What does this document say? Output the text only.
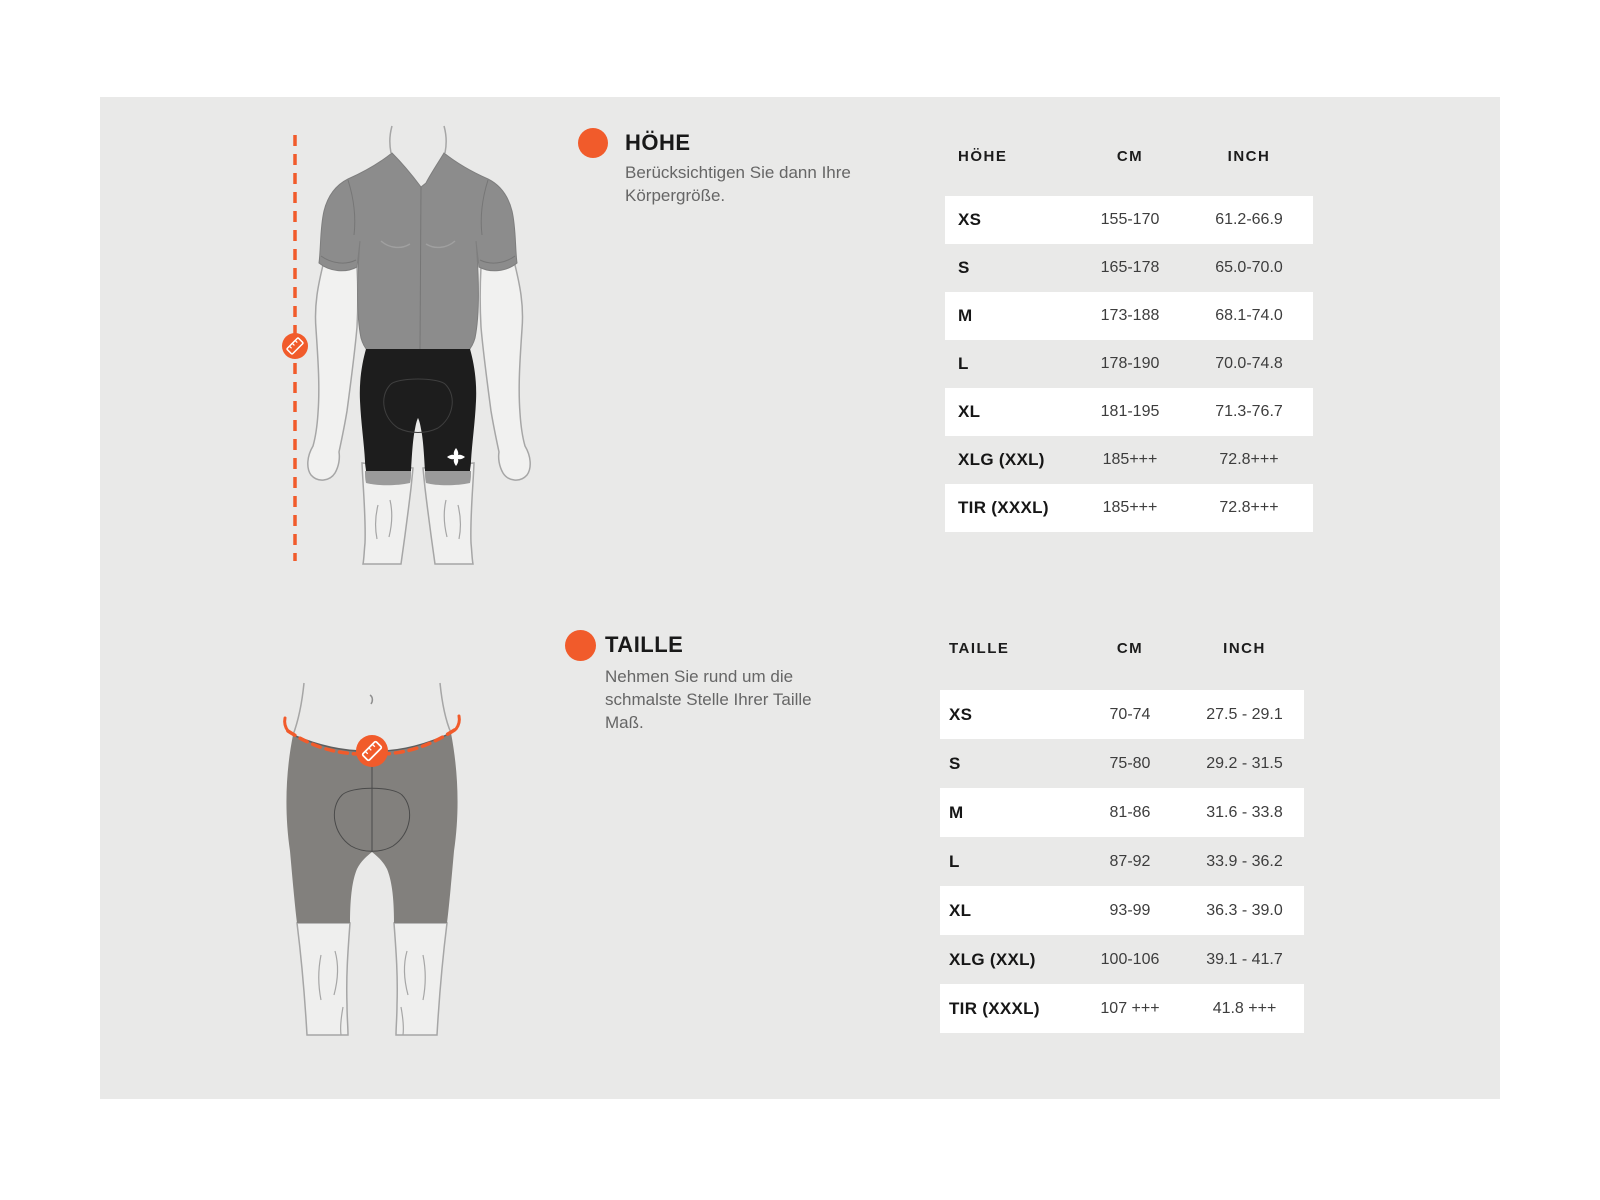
HÖHE
Berücksichtigen Sie dann Ihre
Körpergröße.
HÖHE	CM	INCH
XS	155-170	61.2-66.9
S	165-178	65.0-70.0
M	173-188	68.1-74.0
L	178-190	70.0-74.8
XL	181-195	71.3-76.7
XLG (XXL)	185+++	72.8+++
TIR (XXXL)	185+++	72.8+++
TAILLE
Nehmen Sie rund um die
schmalste Stelle Ihrer Taille
Maß.
TAILLE	CM	INCH
XS	70-74	27.5 - 29.1
S	75-80	29.2 - 31.5
M	81-86	31.6 - 33.8
L	87-92	33.9 - 36.2
XL	93-99	36.3 - 39.0
XLG (XXL)	100-106	39.1 - 41.7
TIR (XXXL)	107 +++	41.8 +++
